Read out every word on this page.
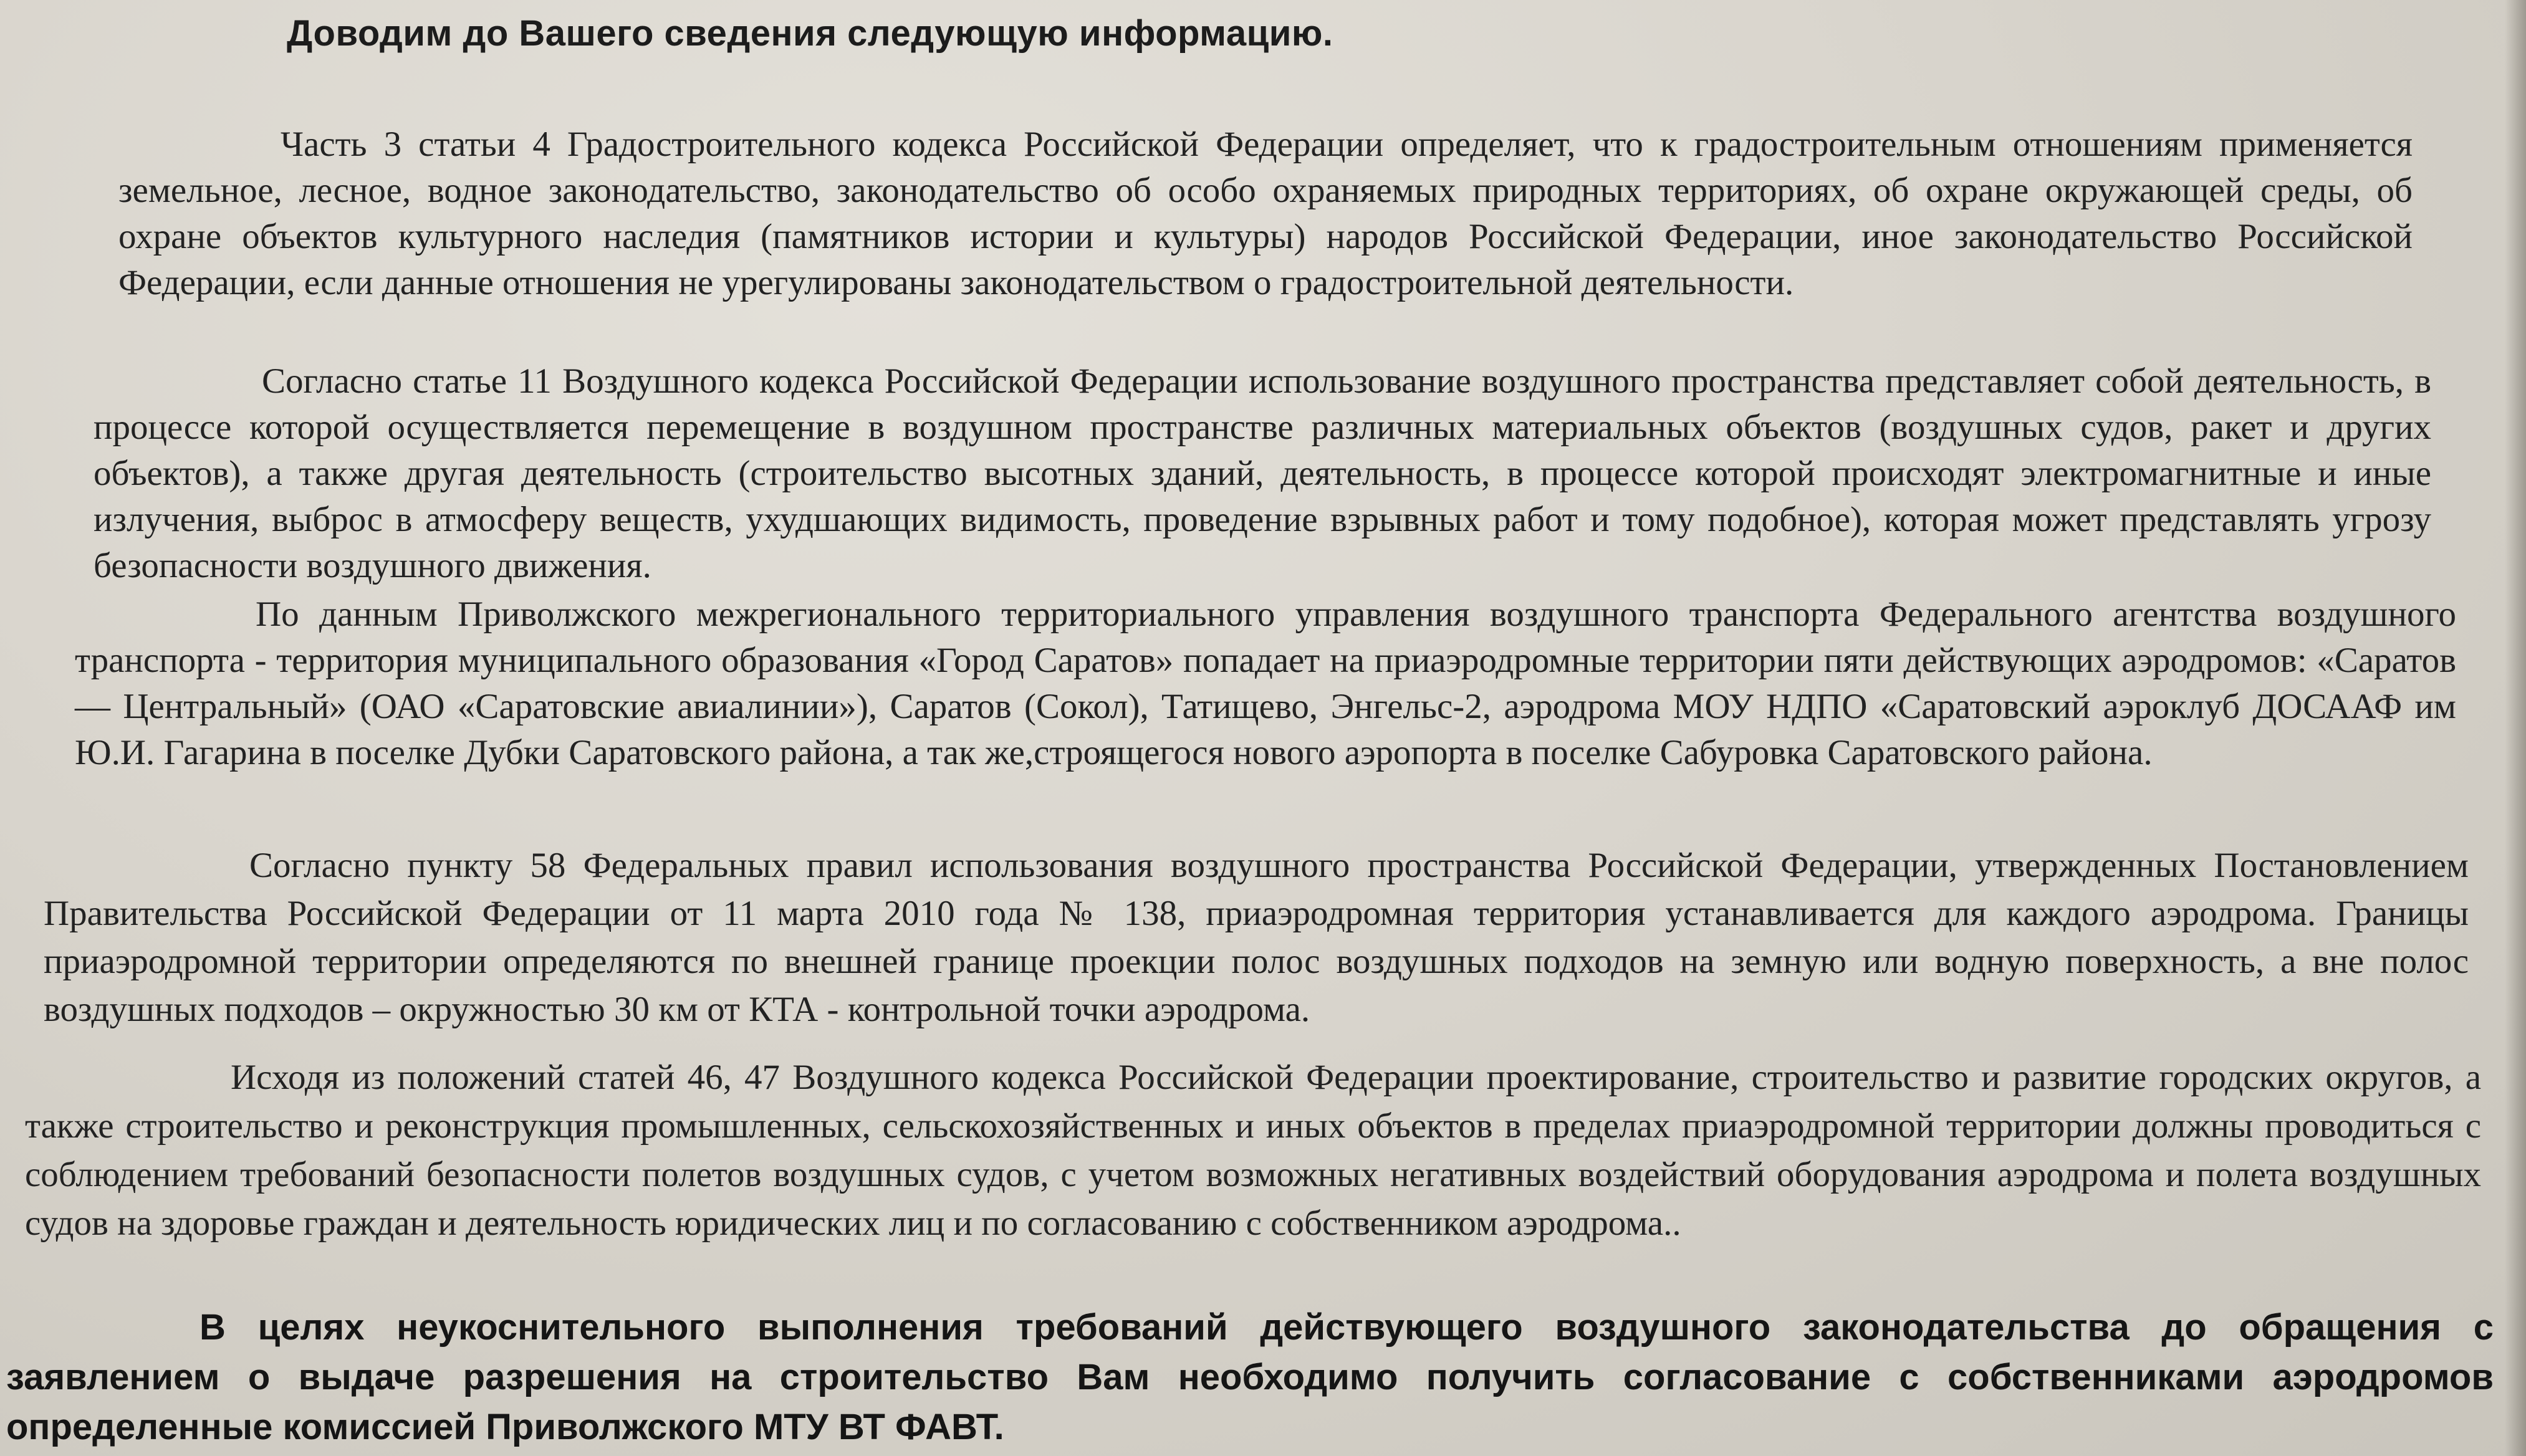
Доводим до Вашего сведения следующую информацию.

Часть 3 статьи 4 Градостроительного кодекса Российской Федерации определяет, что к градостроительным отношениям применяется земельное, лесное, водное законодательство, законодательство об особо охраняемых природных территориях, об охране окружающей среды, об охране объектов культурного наследия (памятников истории и культуры) народов Российской Федерации, иное законодательство Российской Федерации, если данные отношения не урегулированы законодательством о градостроительной деятельности.

Согласно статье 11 Воздушного кодекса Российской Федерации использование воздушного пространства представляет собой деятельность, в процессе которой осуществляется перемещение в воздушном пространстве различных материальных объектов (воздушных судов, ракет и других объектов), а также другая деятельность (строительство высотных зданий, деятельность, в процессе которой происходят электромагнитные и иные излучения, выброс в атмосферу веществ, ухудшающих видимость, проведение взрывных работ и тому подобное), которая может представлять угрозу безопасности воздушного движения.

По данным Приволжского межрегионального территориального управления воздушного транспорта Федерального агентства воздушного транспорта - территория муниципального образования «Город Саратов» попадает на приаэродромные территории пяти действующих аэродромов: «Саратов — Центральный» (ОАО «Саратовские авиалинии»), Саратов (Сокол), Татищево, Энгельс-2, аэродрома МОУ НДПО «Саратовский аэроклуб ДОСААФ им Ю.И. Гагарина в поселке Дубки Саратовского района, а так же,строящегося нового аэропорта в поселке Сабуровка Саратовского района.

Согласно пункту 58 Федеральных правил использования воздушного пространства Российской Федерации, утвержденных Постановлением Правительства Российской Федерации от 11 марта 2010 года № 138, приаэродромная территория устанавливается для каждого аэродрома. Границы приаэродромной территории определяются по внешней границе проекции полос воздушных подходов на земную или водную поверхность, а вне полос воздушных подходов – окружностью 30 км от КТА - контрольной точки аэродрома.

Исходя из положений статей 46, 47 Воздушного кодекса Российской Федерации проектирование, строительство и развитие городских округов, а также строительство и реконструкция промышленных, сельскохозяйственных и иных объектов в пределах приаэродромной территории должны проводиться с соблюдением требований безопасности полетов воздушных судов, с учетом возможных негативных воздействий оборудования аэродрома и полета воздушных судов на здоровье граждан и деятельность юридических лиц и по согласованию с собственником аэродрома..

В целях неукоснительного выполнения требований действующего воздушного законодательства до обращения с заявлением о выдаче разрешения на строительство Вам необходимо получить согласование с собственниками аэродромов определенные комиссией Приволжского МТУ ВТ ФАВТ.
